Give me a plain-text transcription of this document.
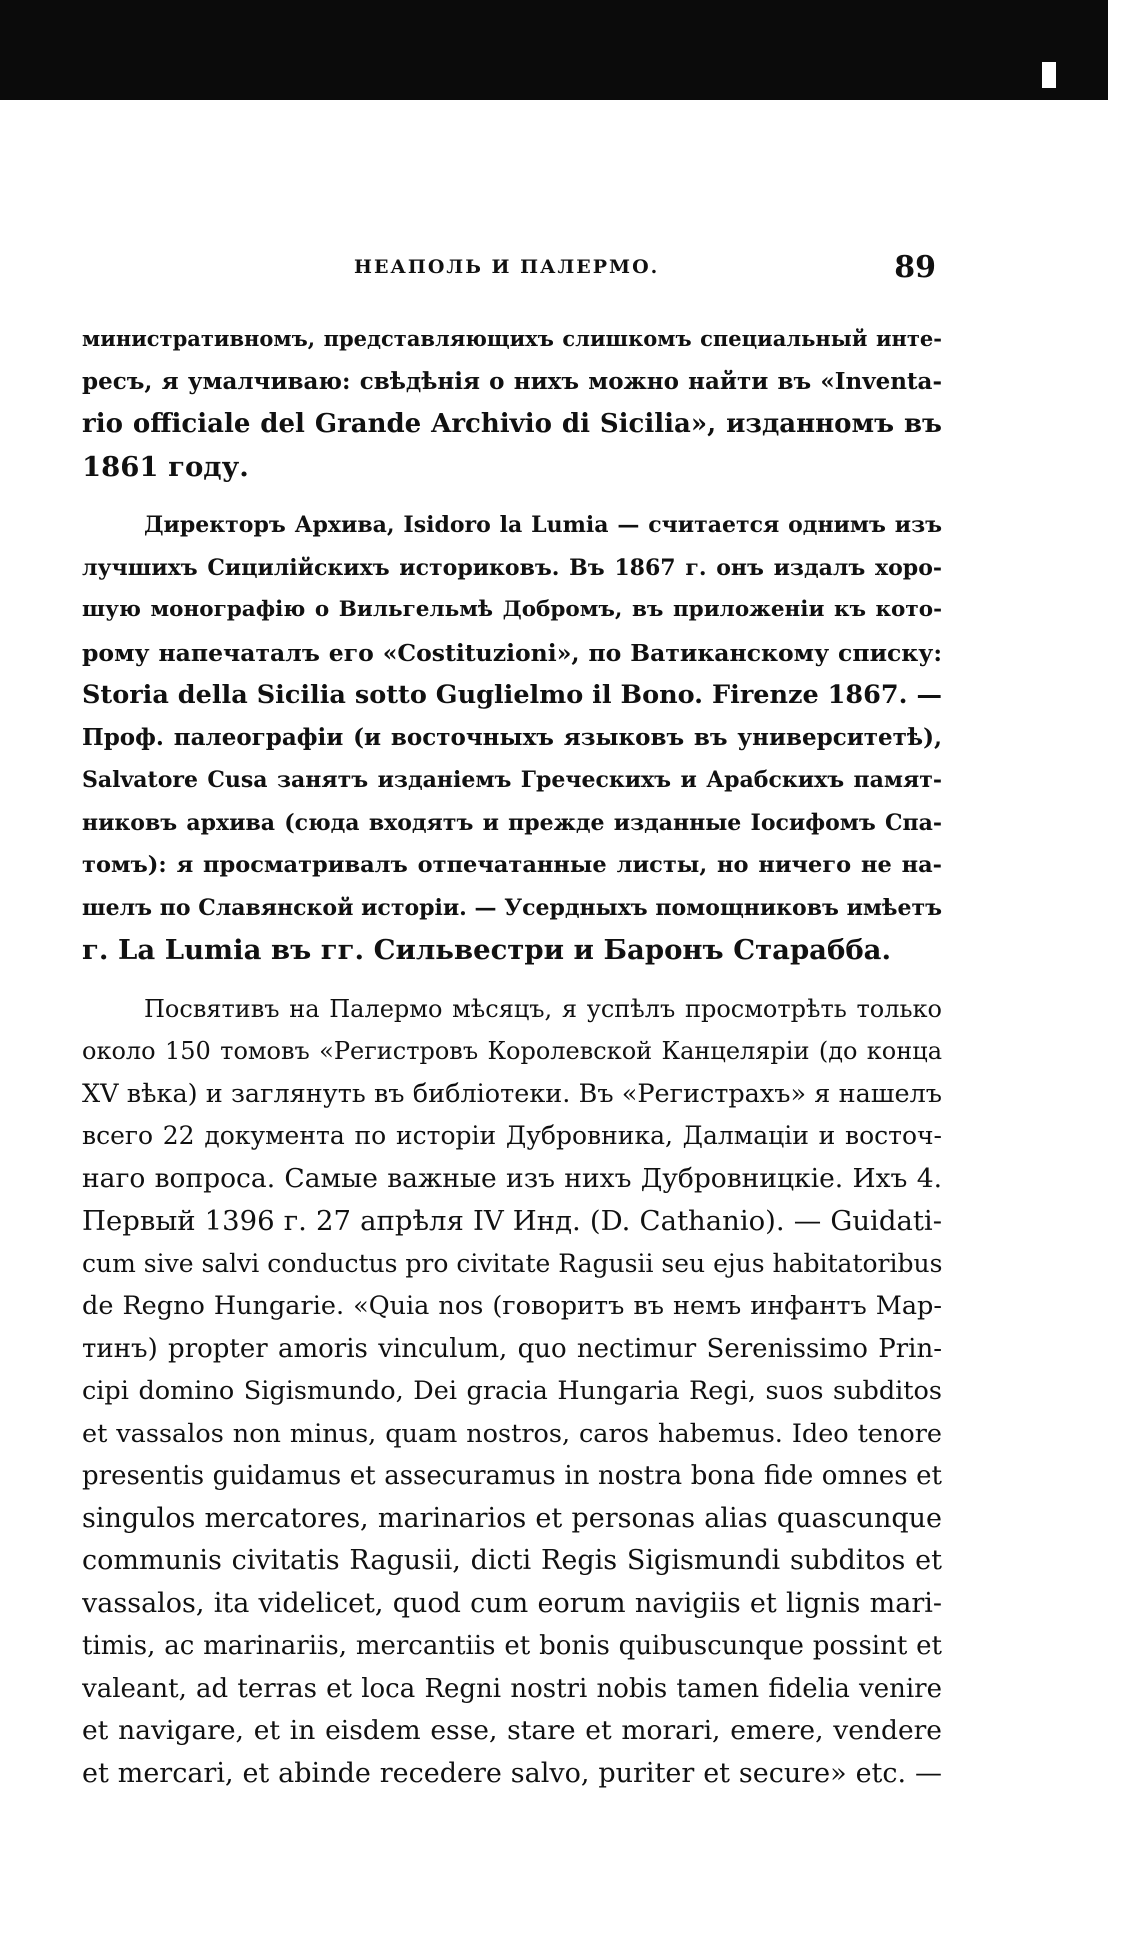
НЕАПОЛЬ И ПАЛЕРМО.	89
министративномъ, представляющихъ слишкомъ специальный инте-
ресъ, я умалчиваю: свѣдѣнія о нихъ можно найти въ «Inventa-
rio officiale del Grande Archivio di Sicilia», изданномъ въ
1861 году.
Директоръ Архива, Isidoro la Lumia — считается однимъ изъ
лучшихъ Сицилійскихъ историковъ. Въ 1867 г. онъ издалъ хоро-
шую монографію о Вильгельмѣ Добромъ, въ приложеніи къ кото-
рому напечаталъ его «Costituzioni», по Ватиканскому списку:
Storia della Sicilia sotto Guglielmo il Bono. Firenze 1867. —
Проф. палеографіи (и восточныхъ языковъ въ университетѣ),
Salvatore Cusa занятъ изданіемъ Греческихъ и Арабскихъ памят-
никовъ архива (сюда входятъ и прежде изданные Іосифомъ Спа-
томъ): я просматривалъ отпечатанные листы, но ничего не на-
шелъ по Славянской исторіи. — Усердныхъ помощниковъ имѣетъ
г. La Lumia въ гг. Сильвестри и Баронъ Старабба.
Посвятивъ на Палермо мѣсяцъ, я успѣлъ просмотрѣть только
около 150 томовъ «Регистровъ Королевской Канцеляріи (до конца
XV вѣка) и заглянуть въ библіотеки. Въ «Регистрахъ» я нашелъ
всего 22 документа по исторіи Дубровника, Далмаціи и восточ-
наго вопроса. Самые важные изъ нихъ Дубровницкіе. Ихъ 4.
Первый 1396 г. 27 апрѣля IV Инд. (D. Cathanio). — Guidati-
cum sive salvi conductus pro civitate Ragusii seu ejus habitatoribus
de Regno Hungarie. «Quia nos (говоритъ въ немъ инфантъ Мар-
тинъ) propter amoris vinculum, quo nectimur Serenissimo Prin-
cipi domino Sigismundo, Dei gracia Hungaria Regi, suos subditos
et vassalos non minus, quam nostros, caros habemus. Ideo tenore
presentis guidamus et assecuramus in nostra bona fide omnes et
singulos mercatores, marinarios et personas alias quascunque
communis civitatis Ragusii, dicti Regis Sigismundi subditos et
vassalos, ita videlicet, quod cum eorum navigiis et lignis mari-
timis, ac marinariis, mercantiis et bonis quibuscunque possint et
valeant, ad terras et loca Regni nostri nobis tamen fidelia venire
et navigare, et in eisdem esse, stare et morari, emere, vendere
et mercari, et abinde recedere salvo, puriter et secure» etc. —
